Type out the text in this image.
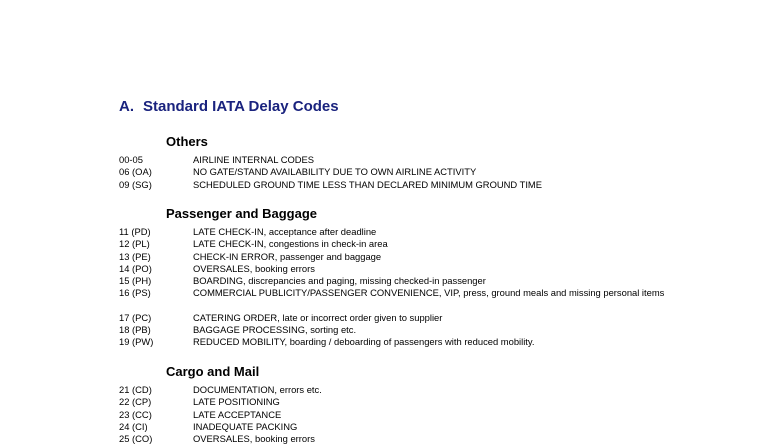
A. Standard IATA Delay Codes
Others
00-05	AIRLINE INTERNAL CODES
06 (OA)	NO GATE/STAND AVAILABILITY DUE TO OWN AIRLINE ACTIVITY
09 (SG)	SCHEDULED GROUND TIME LESS THAN DECLARED MINIMUM GROUND TIME
Passenger and Baggage
11 (PD)	LATE CHECK-IN, acceptance after deadline
12 (PL)	LATE CHECK-IN, congestions in check-in area
13 (PE)	CHECK-IN ERROR, passenger and baggage
14 (PO)	OVERSALES, booking errors
15 (PH)	BOARDING, discrepancies and paging, missing checked-in passenger
16 (PS)	COMMERCIAL PUBLICITY/PASSENGER CONVENIENCE, VIP, press, ground meals and missing personal items
17 (PC)	CATERING ORDER, late or incorrect order given to supplier
18 (PB)	BAGGAGE PROCESSING, sorting etc.
19 (PW)	REDUCED MOBILITY, boarding / deboarding of passengers with reduced mobility.
Cargo and Mail
21 (CD)	DOCUMENTATION, errors etc.
22 (CP)	LATE POSITIONING
23 (CC)	LATE ACCEPTANCE
24 (CI)	INADEQUATE PACKING
25 (CO)	OVERSALES, booking errors
